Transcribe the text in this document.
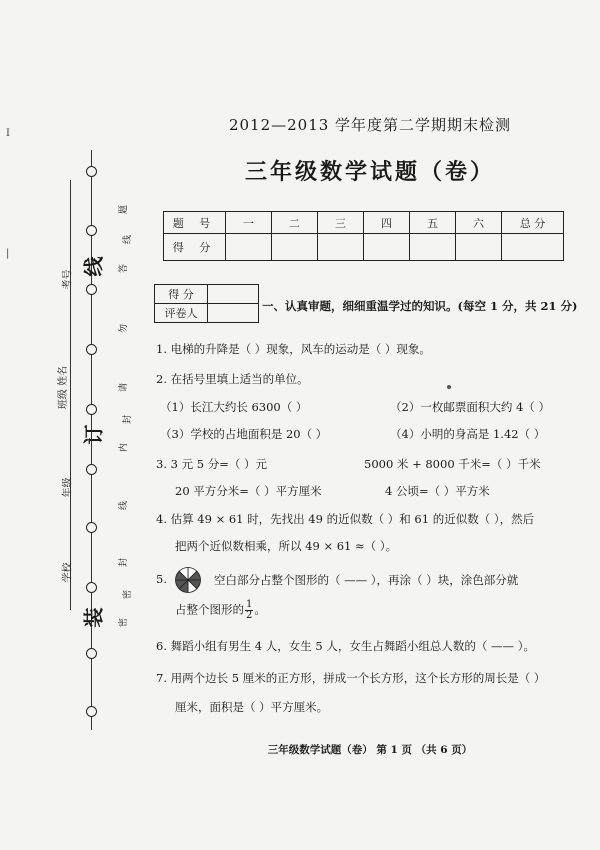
I
|
题
答
勿
请
内
线
封
密
线
封
密
线
订
装
考号
班级 姓名
年级
学校
2012—2013 学年度第二学期期末检测
三年级数学试题（卷）
题 号	一	二	三	四	五	六	总 分
得 分							
得 分	
评卷人	
一、认真审题，细细重温学过的知识。(每空 1 分，共 21 分)
1. 电梯的升降是（ ）现象，风车的运动是（ ）现象。
2. 在括号里填上适当的单位。
（1）长江大约长 6300（ ）	（2）一枚邮票面积大约 4（ ）
（3）学校的占地面积是 20（ ）	（4）小明的身高是 1.42（ ）
3. 3 元 5 分=（ ）元	5000 米 + 8000 千米=（ ）千米
20 平方分米=（ ）平方厘米	4 公顷=（ ）平方米
4. 估算 49 × 61 时，先找出 49 的近似数（ ）和 61 的近似数（ ），然后
把两个近似数相乘，所以 49 × 61 ≈（ ）。
5.	空白部分占整个图形的（ —— ），再涂（ ）块，涂色部分就
占整个图形的 $\frac{1}{2}$ 。
6. 舞蹈小组有男生 4 人，女生 5 人，女生占舞蹈小组总人数的（ —— ）。
7. 用两个边长 5 厘米的正方形，拼成一个长方形，这个长方形的周长是（ ）
厘米，面积是（ ）平方厘米。
三年级数学试题（卷） 第 1 页 （共 6 页）
